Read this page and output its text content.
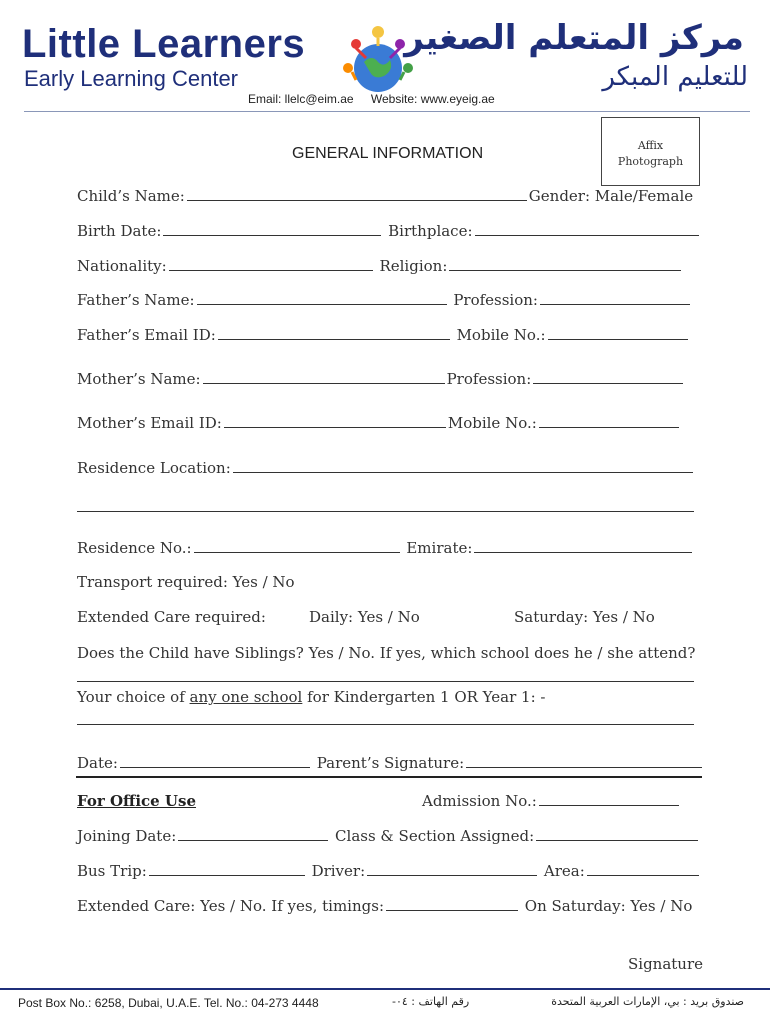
Little Learners
Early Learning Center
مركز المتعلم الصغير
للتعليم المبكر
Email: llelc@eim.ae Website: www.eyeig.ae
Affix
Photograph
GENERAL INFORMATION
Child’s Name:	Gender: Male/Female
Birth Date:	Birthplace:
Nationality:	Religion:
Father’s Name:	Profession:
Father’s Email ID:	Mobile No.:
Mother’s Name:	Profession:
Mother’s Email ID:	Mobile No.:
Residence Location:
Residence No.:	Emirate:
Transport required: Yes / No
Extended Care required:	Daily: Yes / No	Saturday: Yes / No
Does the Child have Siblings? Yes / No. If yes, which school does he / she attend?
Your choice of any one school for Kindergarten 1 OR Year 1: -
Date:	Parent’s Signature:
For Office Use	Admission No.:
Joining Date:	Class & Section Assigned:
Bus Trip:	Driver:	Area:
Extended Care: Yes / No. If yes, timings:	On Saturday: Yes / No
Signature
Post Box No.: 6258, Dubai, U.A.E. Tel. No.: 04-273 4448	رقم الهاتف : ٠٤-	صندوق بريد : بي، الإمارات العربية المتحدة
